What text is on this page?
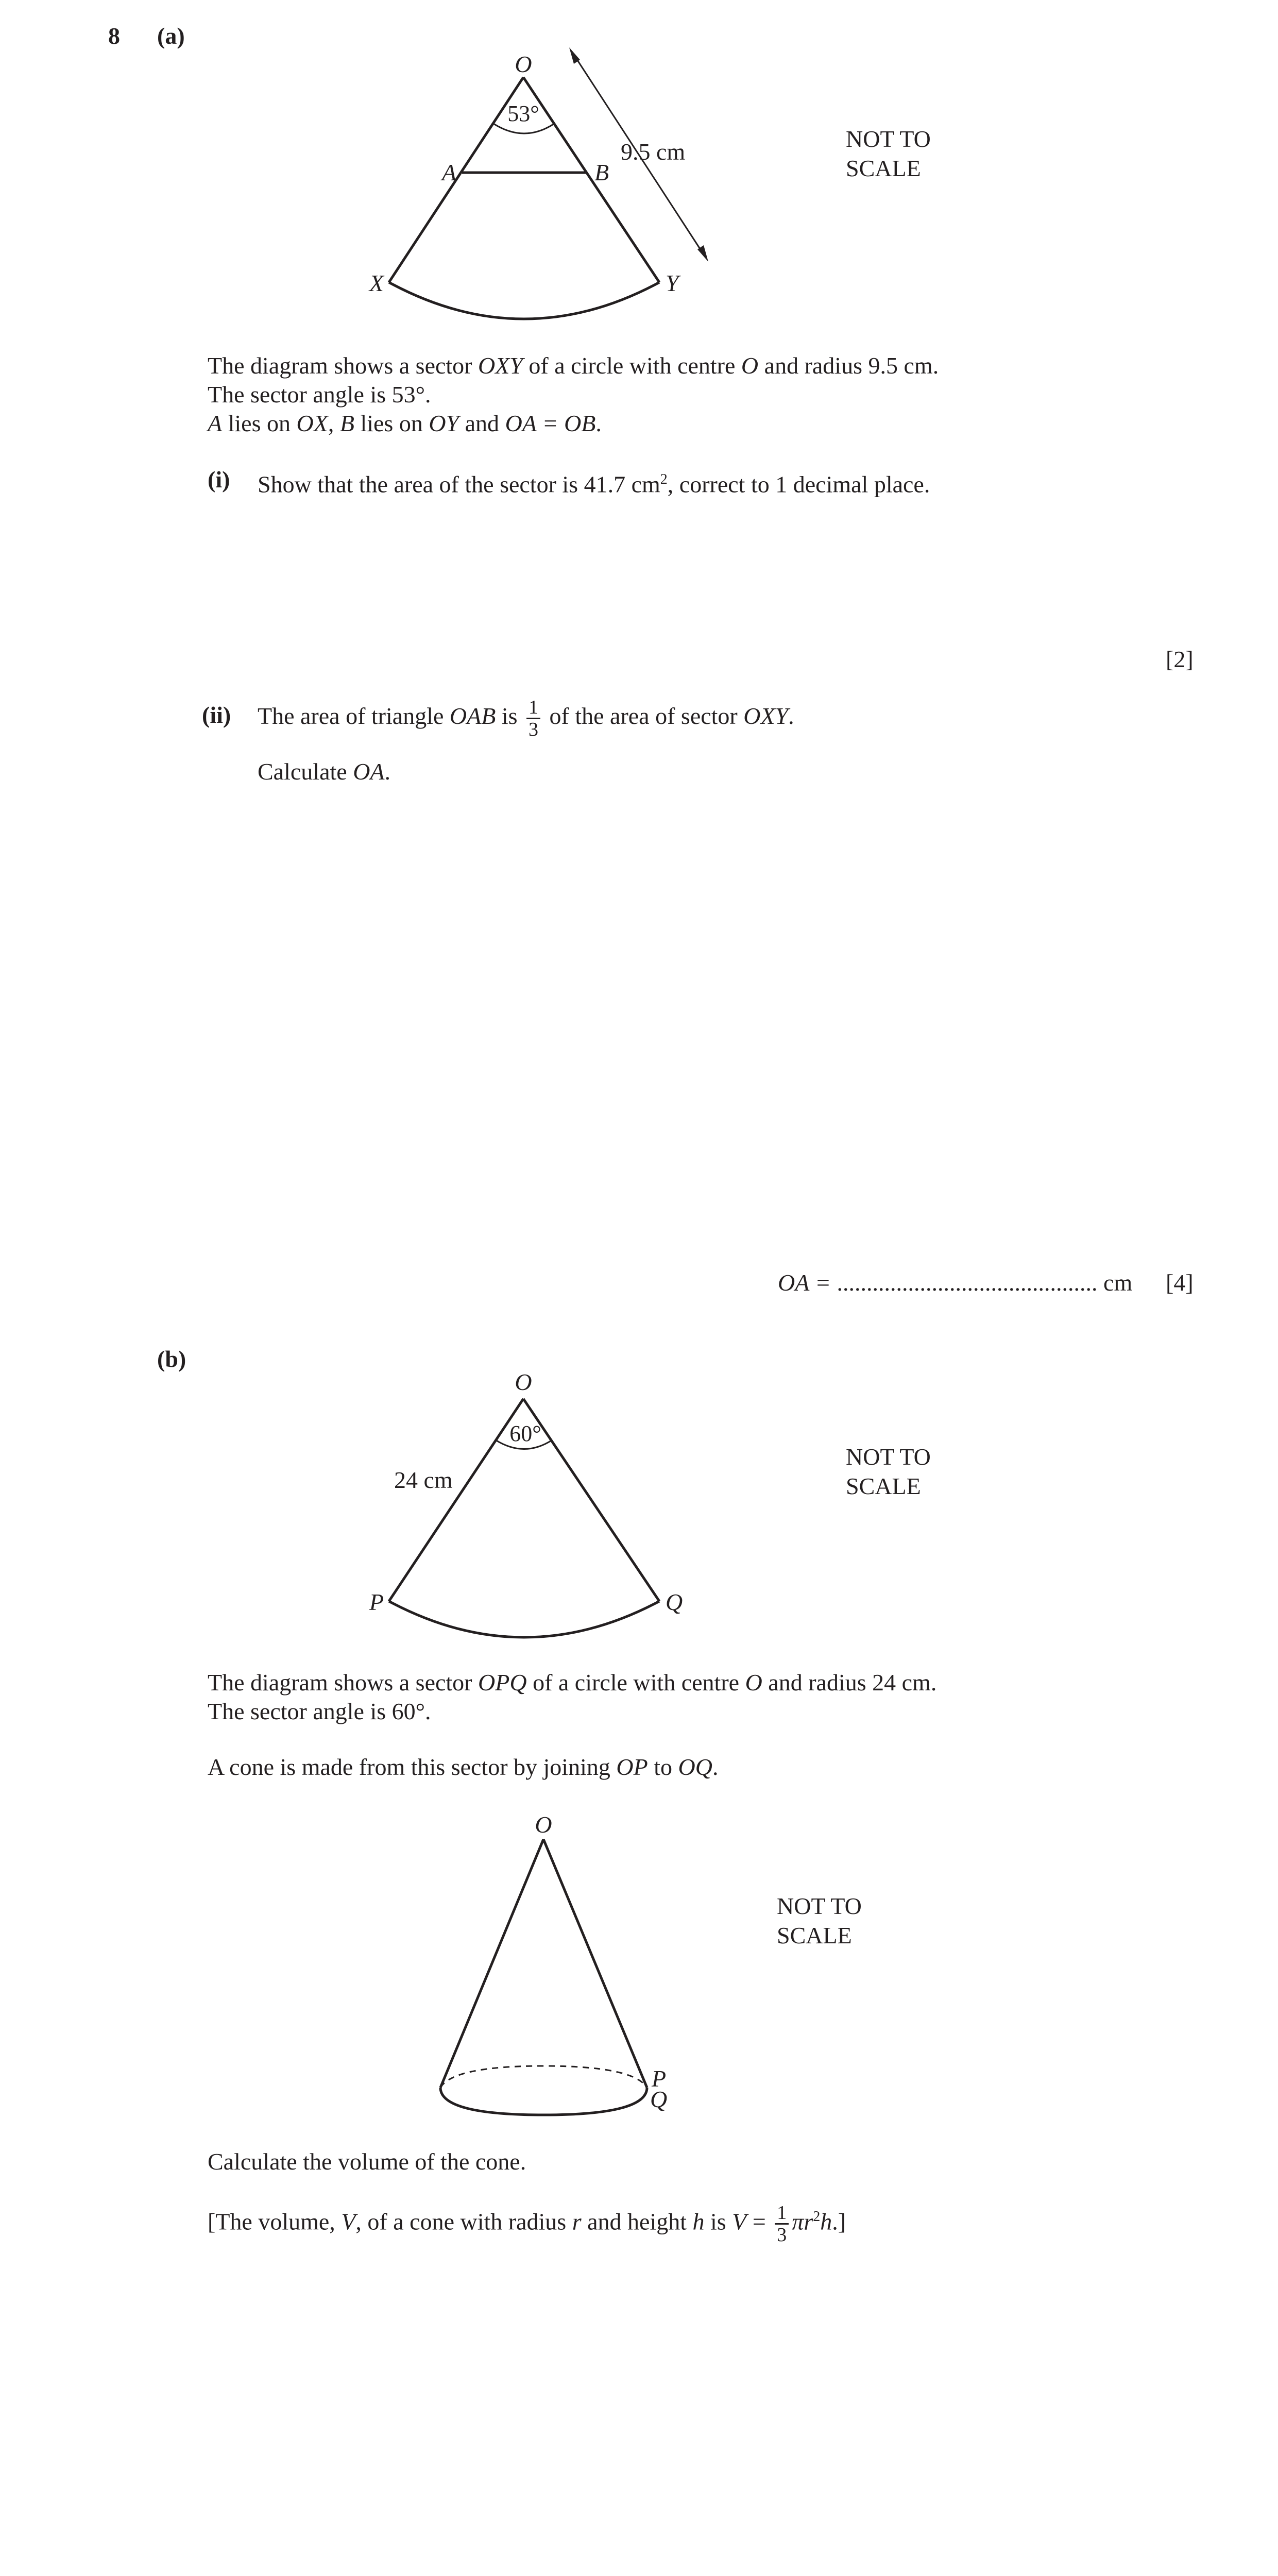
8 (a)
O
53°
A	B
X	Y
9.5 cm	NOT TO
SCALE
The diagram shows a sector OXY of a circle with centre O and radius 9.5 cm.
The sector angle is 53°.
A lies on OX, B lies on OY and OA = OB.
(i) Show that the area of the sector is 41.7 $cm^2$, correct to 1 decimal place.
[2]
(ii) The area of triangle OAB is $\frac{1}{3}$ of the area of sector OXY.
Calculate OA.
OA = ............................................ cm [4]
(b)
O
60°
24 cm
P	Q
NOT TO
SCALE
The diagram shows a sector OPQ of a circle with centre O and radius 24 cm.
The sector angle is 60°.
A cone is made from this sector by joining OP to OQ.
O
P
Q
NOT TO
SCALE
Calculate the volume of the cone.
[The volume, V, of a cone with radius r and height h is $V = \frac{1}{3} \pi r^2h$.]
